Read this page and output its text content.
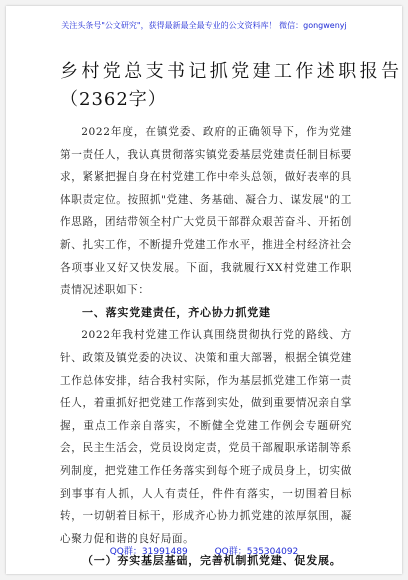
关注头条号"公文研究"，获得最新最全最专业的公文资料库！ 微信：gongwenyj
乡村党总支书记抓党建工作述职报告
（2362字）

2022年度，在镇党委、政府的正确领导下，作为党建第一责任人，我认真贯彻落实镇党委基层党建责任制目标要求，紧紧把握自身在村党建工作中牵头总领，做好表率的具体职责定位。按照抓"党建、务基础、凝合力、谋发展"的工作思路，团结带领全村广大党员干部群众艰苦奋斗、开拓创新、扎实工作，不断提升党建工作水平，推进全村经济社会各项事业又好又快发展。下面，我就履行XX村党建工作职责情况述职如下：

一、落实党建责任，齐心协力抓党建

2022年我村党建工作认真围绕贯彻执行党的路线、方针、政策及镇党委的决议、决策和重大部署，根据全镇党建工作总体安排，结合我村实际，作为基层抓党建工作第一责任人，着重抓好把党建工作落到实处，做到重要情况亲自掌握，重点工作亲自落实，不断健全党建工作例会专题研究会，民主生活会，党员设岗定责，党员干部履职承诺制等系列制度，把党建工作任务落实到每个班子成员身上，切实做到事事有人抓，人人有责任，件件有落实，一切围着目标转，一切朝着目标干，形成齐心协力抓党建的浓厚氛围，凝心聚力促和谐的良好局面。

（一）夯实基层基础，完善机制抓党建、促发展。
QQ群：31991489	QQ群：535304092
